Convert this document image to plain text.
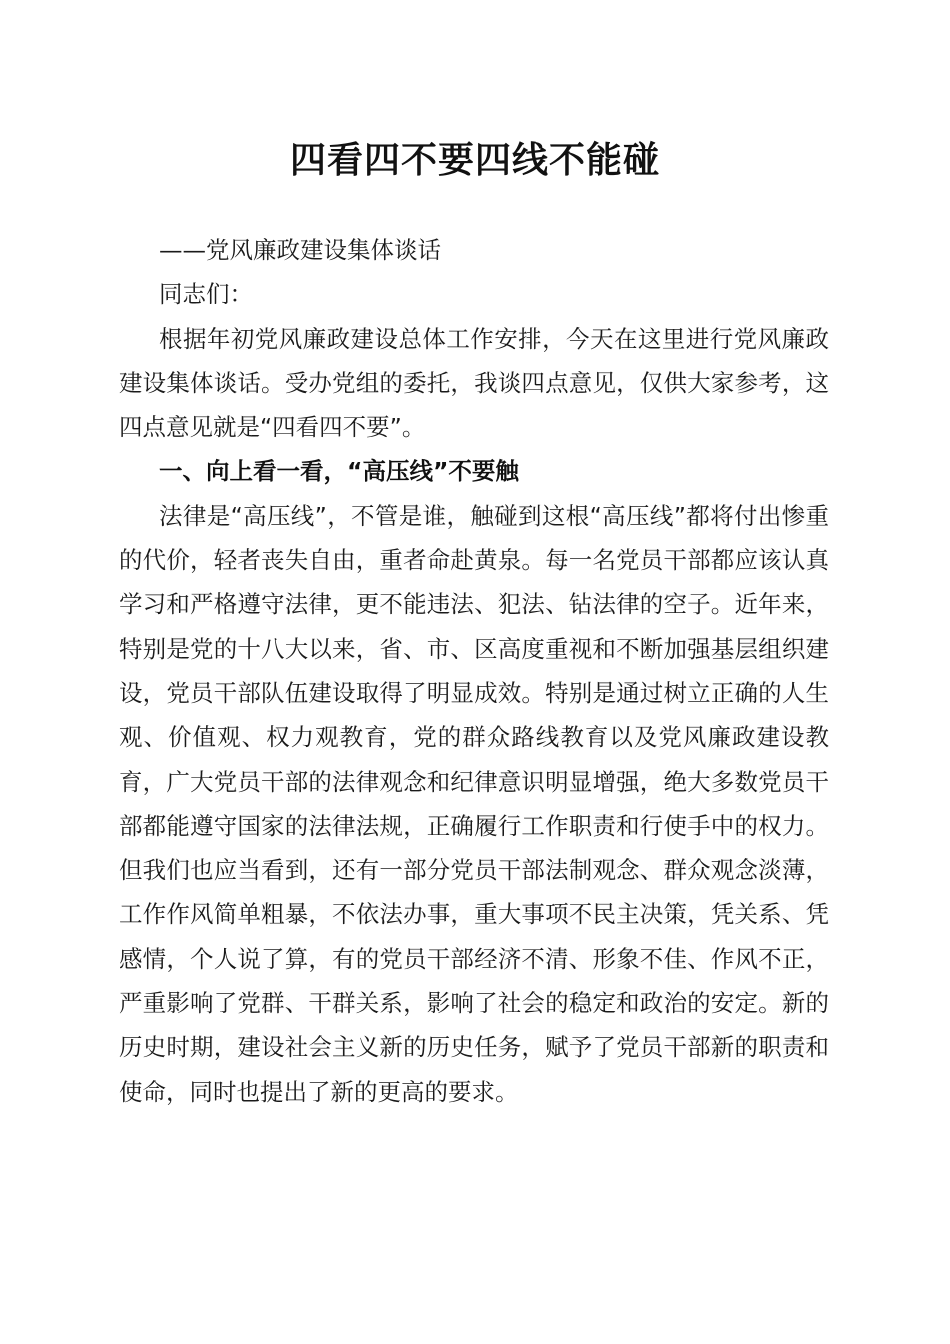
四看四不要四线不能碰

——党风廉政建设集体谈话

同志们：

根据年初党风廉政建设总体工作安排，今天在这里进行党风廉政建设集体谈话。受办党组的委托，我谈四点意见，仅供大家参考，这四点意见就是“四看四不要”。

一、向上看一看，“高压线”不要触

法律是“高压线”，不管是谁，触碰到这根“高压线”都将付出惨重的代价，轻者丧失自由，重者命赴黄泉。每一名党员干部都应该认真学习和严格遵守法律，更不能违法、犯法、钻法律的空子。近年来，特别是党的十八大以来，省、市、区高度重视和不断加强基层组织建设，党员干部队伍建设取得了明显成效。特别是通过树立正确的人生观、价值观、权力观教育，党的群众路线教育以及党风廉政建设教育，广大党员干部的法律观念和纪律意识明显增强，绝大多数党员干部都能遵守国家的法律法规，正确履行工作职责和行使手中的权力。但我们也应当看到，还有一部分党员干部法制观念、群众观念淡薄，工作作风简单粗暴，不依法办事，重大事项不民主决策，凭关系、凭感情，个人说了算，有的党员干部经济不清、形象不佳、作风不正，严重影响了党群、干群关系，影响了社会的稳定和政治的安定。新的历史时期，建设社会主义新的历史任务，赋予了党员干部新的职责和使命，同时也提出了新的更高的要求。
